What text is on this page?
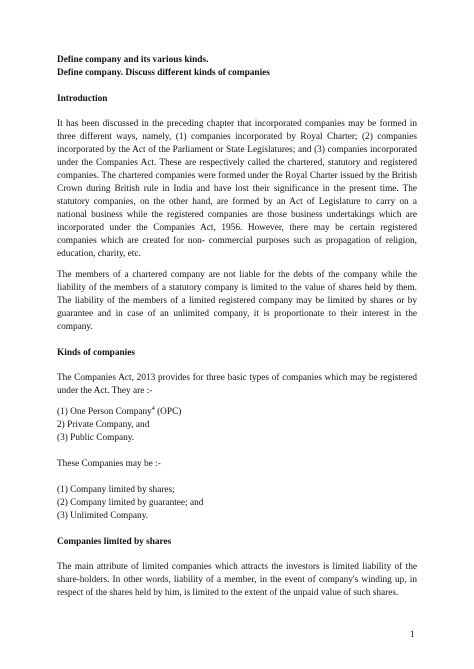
Define company and its various kinds.

Define company. Discuss different kinds of companies

Introduction

It has been discussed in the preceding chapter that incorporated companies may be formed in three different ways, namely, (1) companies incorporated by Royal Charter; (2) companies incorporated by the Act of the Parliament or State Legislatures; and (3) companies incorporated under the Companies Act. These are respectively called the chartered, statutory and registered companies. The chartered companies were formed under the Royal Charter issued by the British Crown during British rule in India and have lost their significance in the present time. The statutory companies, on the other hand, are formed by an Act of Legislature to carry on a national business while the registered companies are those business undertakings which are incorporated under the Companies Act, 1956. However, there may be certain registered companies which are created for non- commercial purposes such as propagation of religion, education, charity, etc.

The members of a chartered company are not liable for the debts of the company while the liability of the members of a statutory company is limited to the value of shares held by them. The liability of the members of a limited registered company may be limited by shares or by guarantee and in case of an unlimited company, it is proportionate to their interest in the company.

Kinds of companies

The Companies Act, 2013 provides for three basic types of companies which may be registered under the Act. They are :-

(1) One Person Company$^4$ (OPC)

2) Private Company, and

(3) Public Company.

These Companies may be :-

(1) Company limited by shares;

(2) Company limited by guarantee; and

(3) Unlimited Company.

Companies limited by shares

The main attribute of limited companies which attracts the investors is limited liability of the share-holders. In other words, liability of a member, in the event of company's winding up, in respect of the shares held by him, is limited to the extent of the unpaid value of such shares.

1
